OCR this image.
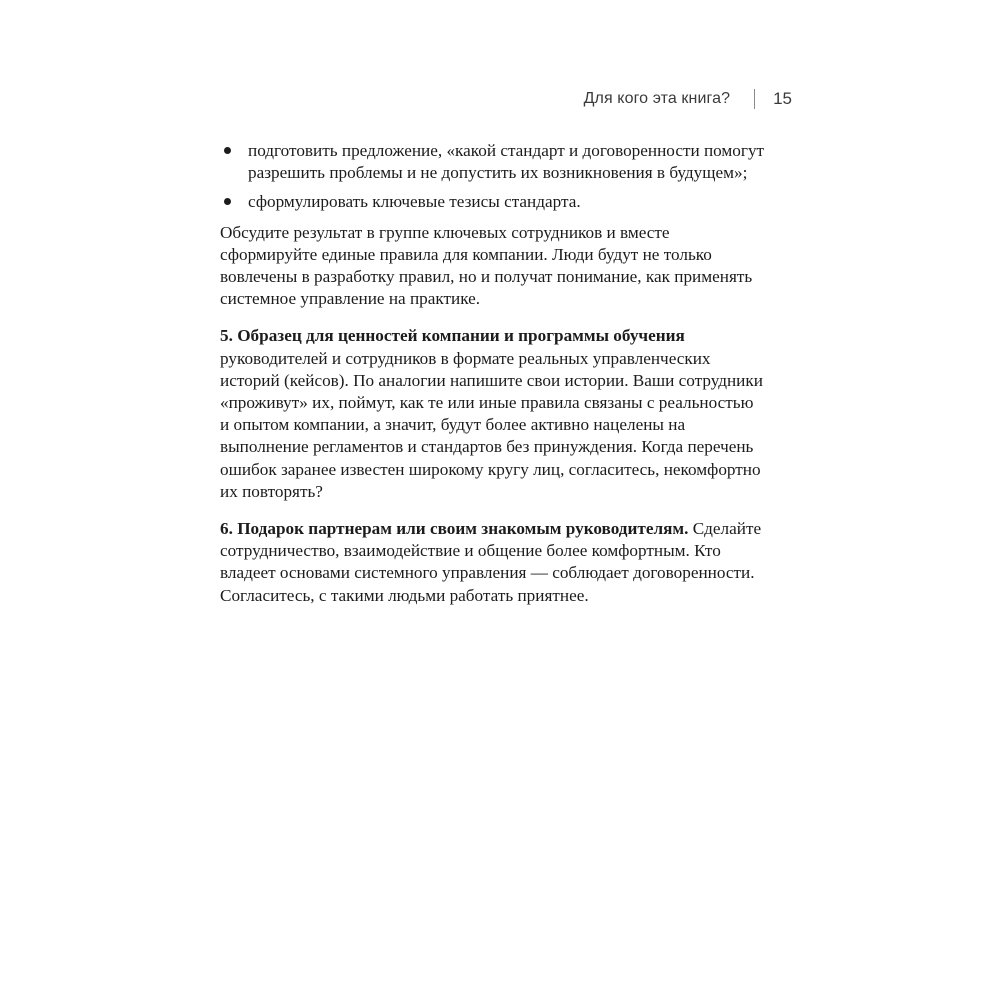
Для кого эта книга?	15
подготовить предложение, «какой стандарт и договоренности помогут разрешить проблемы и не допустить их возникновения в будущем»;
сформулировать ключевые тезисы стандарта.

Обсудите результат в группе ключевых сотрудников и вместе сформируйте единые правила для компании. Люди будут не только вовлечены в разработку правил, но и получат понимание, как применять системное управление на практике.

5. Образец для ценностей компании и программы обучения руководителей и сотрудников в формате реальных управленческих историй (кейсов). По аналогии напишите свои истории. Ваши сотрудники «проживут» их, поймут, как те или иные правила связаны с реальностью и опытом компании, а значит, будут более активно нацелены на выполнение регламентов и стандартов без принуждения. Когда перечень ошибок заранее известен широкому кругу лиц, согласитесь, некомфортно их повторять?

6. Подарок партнерам или своим знакомым руководителям. Сделайте сотрудничество, взаимодействие и общение более комфортным. Кто владеет основами системного управления — соблюдает договоренности. Согласитесь, с такими людьми работать приятнее.
